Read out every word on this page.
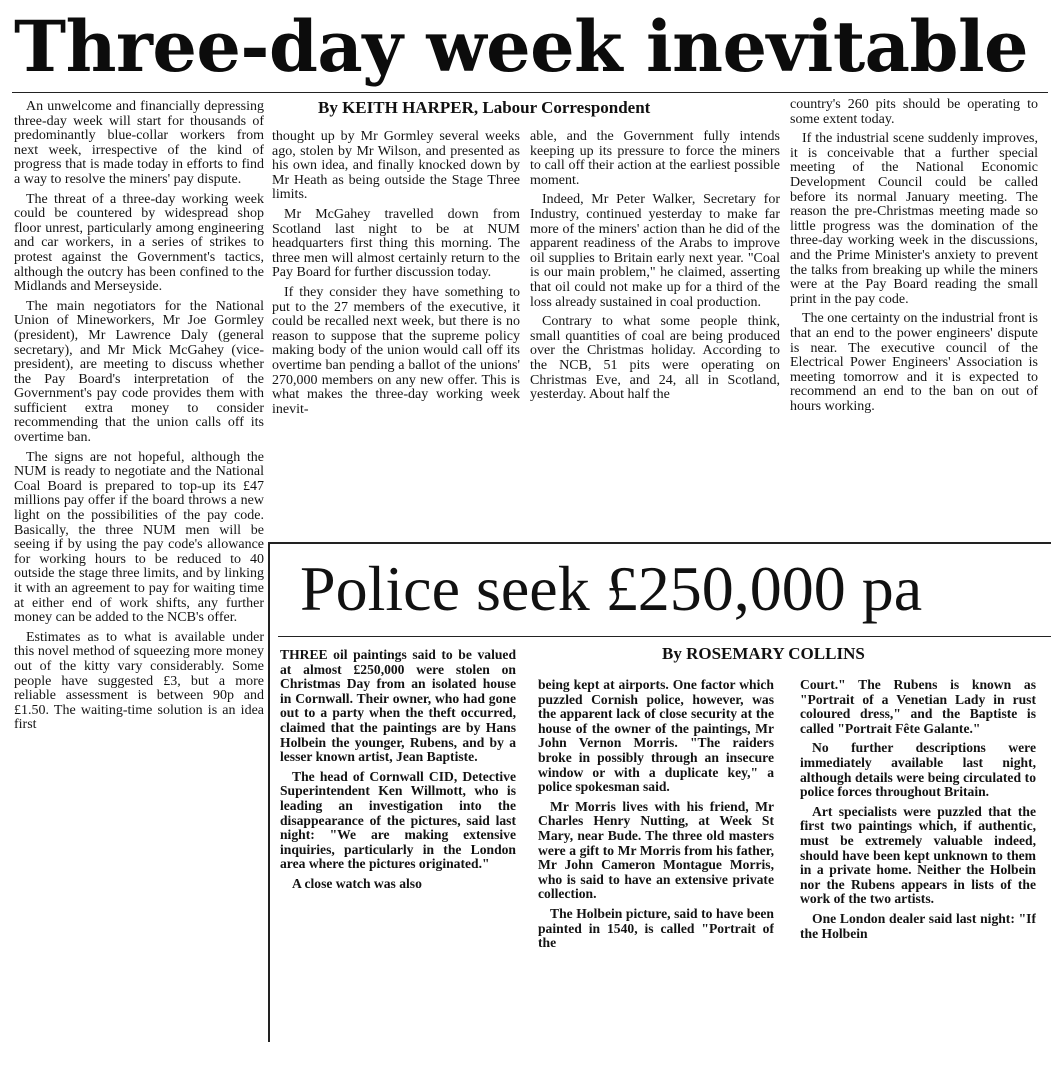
Three-day week inevitable

An unwelcome and financially depressing three-day week will start for thousands of predominantly blue-collar workers from next week, irrespective of the kind of progress that is made today in efforts to find a way to resolve the miners' pay dispute.

The threat of a three-day working week could be countered by widespread shop floor unrest, particularly among engineering and car workers, in a series of strikes to protest against the Government's tactics, although the outcry has been confined to the Midlands and Merseyside.

The main negotiators for the National Union of Mineworkers, Mr Joe Gormley (president), Mr Lawrence Daly (general secretary), and Mr Mick McGahey (vice-president), are meeting to discuss whether the Pay Board's interpretation of the Government's pay code provides them with sufficient extra money to consider recommending that the union calls off its overtime ban.

The signs are not hopeful, although the NUM is ready to negotiate and the National Coal Board is prepared to top-up its £47 millions pay offer if the board throws a new light on the possibilities of the pay code. Basically, the three NUM men will be seeing if by using the pay code's allowance for working hours to be reduced to 40 outside the stage three limits, and by linking it with an agreement to pay for waiting time at either end of work shifts, any further money can be added to the NCB's offer.

Estimates as to what is available under this novel method of squeezing more money out of the kitty vary considerably. Some people have suggested £3, but a more reliable assessment is between 90p and £1.50. The waiting-time solution is an idea first

By KEITH HARPER, Labour Correspondent

thought up by Mr Gormley several weeks ago, stolen by Mr Wilson, and presented as his own idea, and finally knocked down by Mr Heath as being outside the Stage Three limits.

Mr McGahey travelled down from Scotland last night to be at NUM headquarters first thing this morning. The three men will almost certainly return to the Pay Board for further discussion today.

If they consider they have something to put to the 27 members of the executive, it could be recalled next week, but there is no reason to suppose that the supreme policy making body of the union would call off its overtime ban pending a ballot of the unions' 270,000 members on any new offer. This is what makes the three-day working week inevit-

able, and the Government fully intends keeping up its pressure to force the miners to call off their action at the earliest possible moment.

Indeed, Mr Peter Walker, Secretary for Industry, continued yesterday to make far more of the miners' action than he did of the apparent readiness of the Arabs to improve oil supplies to Britain early next year. "Coal is our main problem," he claimed, asserting that oil could not make up for a third of the loss already sustained in coal production.

Contrary to what some people think, small quantities of coal are being produced over the Christmas holiday. According to the NCB, 51 pits were operating on Christmas Eve, and 24, all in Scotland, yesterday. About half the

country's 260 pits should be operating to some extent today.

If the industrial scene suddenly improves, it is conceivable that a further special meeting of the National Economic Development Council could be called before its normal January meeting. The reason the pre-Christmas meeting made so little progress was the domination of the three-day working week in the discussions, and the Prime Minister's anxiety to prevent the talks from breaking up while the miners were at the Pay Board reading the small print in the pay code.

The one certainty on the industrial front is that an end to the power engineers' dispute is near. The executive council of the Electrical Power Engineers' Association is meeting tomorrow and it is expected to recommend an end to the ban on out of hours working.

Police seek £250,000 pa
By ROSEMARY COLLINS

THREE oil paintings said to be valued at almost £250,000 were stolen on Christmas Day from an isolated house in Cornwall. Their owner, who had gone out to a party when the theft occurred, claimed that the paintings are by Hans Holbein the younger, Rubens, and by a lesser known artist, Jean Baptiste.

The head of Cornwall CID, Detective Superintendent Ken Willmott, who is leading an investigation into the disappearance of the pictures, said last night: "We are making extensive inquiries, particularly in the London area where the pictures originated."

A close watch was also

being kept at airports. One factor which puzzled Cornish police, however, was the apparent lack of close security at the house of the owner of the paintings, Mr John Vernon Morris. "The raiders broke in possibly through an insecure window or with a duplicate key," a police spokesman said.

Mr Morris lives with his friend, Mr Charles Henry Nutting, at Week St Mary, near Bude. The three old masters were a gift to Mr Morris from his father, Mr John Cameron Montague Morris, who is said to have an extensive private collection.

The Holbein picture, said to have been painted in 1540, is called "Portrait of the

Court." The Rubens is known as "Portrait of a Venetian Lady in rust coloured dress," and the Baptiste is called "Portrait Fête Galante."

No further descriptions were immediately available last night, although details were being circulated to police forces throughout Britain.

Art specialists were puzzled that the first two paintings which, if authentic, must be extremely valuable indeed, should have been kept unknown to them in a private home. Neither the Holbein nor the Rubens appears in lists of the work of the two artists.

One London dealer said last night: "If the Holbein
